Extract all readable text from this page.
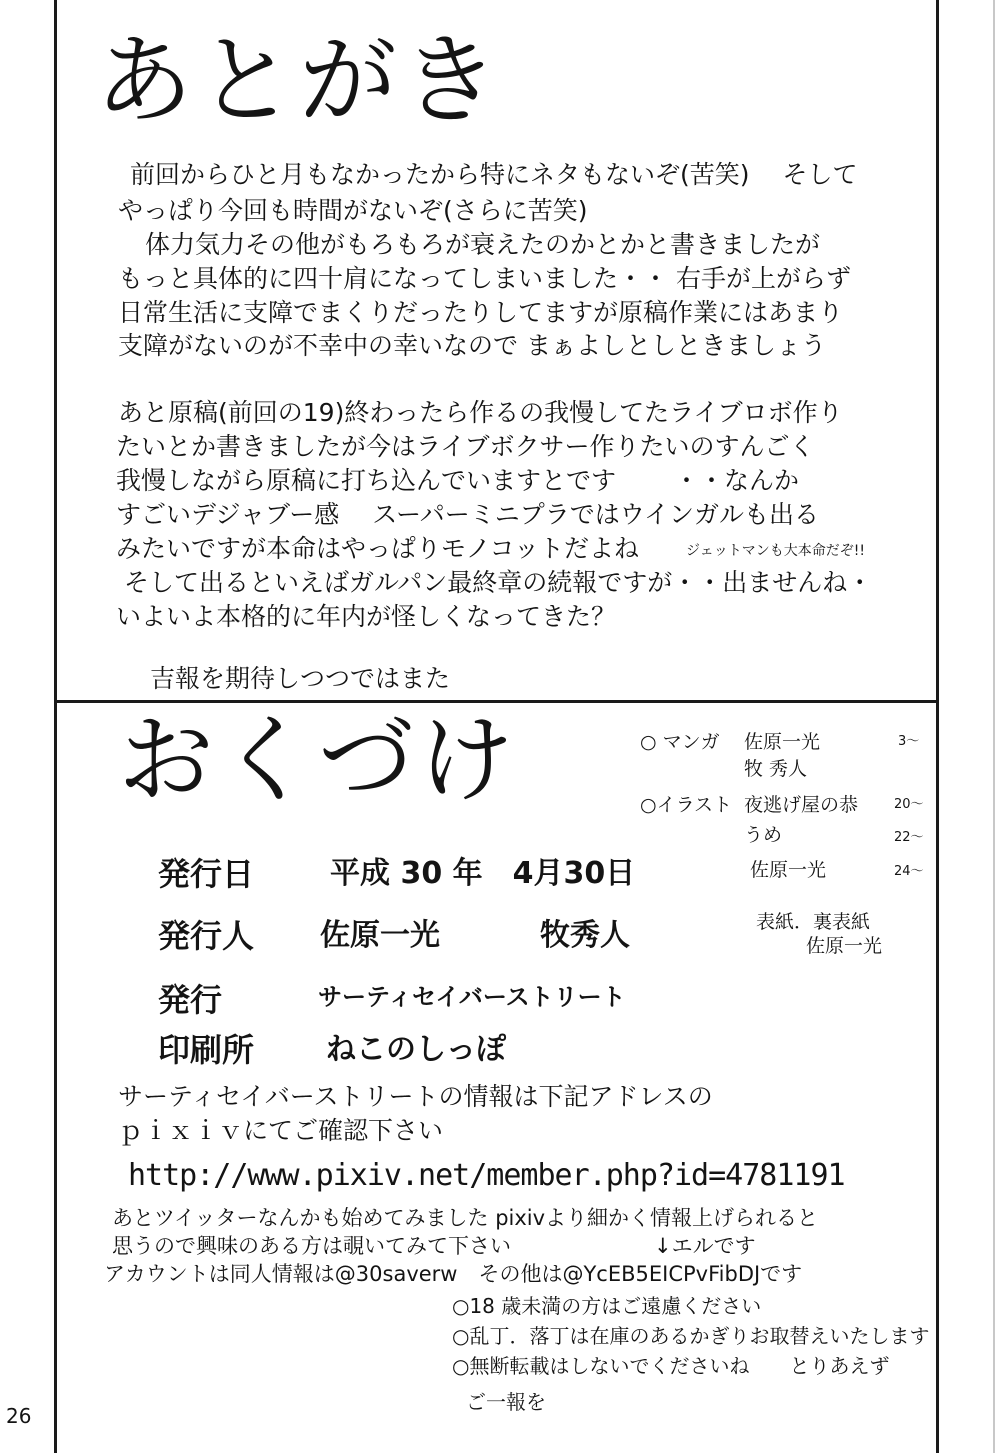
あとがき
前回からひと月もなかったから特にネタもないぞ(苦笑)　 そして
やっぱり今回も時間がないぞ(さらに苦笑)
　体力気力その他がもろもろが衰えたのかとかと書きましたが
もっと具体的に四十肩になってしまいました・・ 右手が上がらず
日常生活に支障でまくりだったりしてますが原稿作業にはあまり
支障がないのが不幸中の幸いなので まぁよしとしときましょう
あと原稿(前回の19)終わったら作るの我慢してたライブロボ作り
たいとか書きましたが今はライブボクサー作りたいのすんごく
我慢しながら原稿に打ち込んでいますとです　　 ・・なんか
すごいデジャブー感　 スーパーミニプラではウインガルも出る
みたいですが本命はやっぱりモノコットだよね	ジェットマンも大本命だぞ!!
そして出るといえばガルパン最終章の続報ですが・・出ませんね・
いよいよ本格的に年内が怪しくなってきた？
吉報を期待しつつではまた
おくづけ	○ マンガ 佐原一光	3～
牧 秀人
○イラスト 夜逃げ屋の恭	20～
うめ	22～
佐原一光	24～
表紙．裏表紙
佐原一光
発行日	平成 30 年　4月30日
発行人 佐原一光	牧秀人
発行	サーティセイバーストリート
印刷所 ねこのしっぽ
サーティセイバーストリートの情報は下記アドレスの
ｐｉｘｉｖにてご確認下さい
http://www.pixiv.net/member.php?id=4781191
あとツイッターなんかも始めてみました pixivより細かく情報上げられると
思うので興味のある方は覗いてみて下さい	↓エルです
アカウントは同人情報は@30saverw　その他は@YcEB5EICPvFibDJです
○18 歳未満の方はご遠慮ください
○乱丁．落丁は在庫のあるかぎりお取替えいたします
○無断転載はしないでくださいね　　とりあえず
ご一報を
26
